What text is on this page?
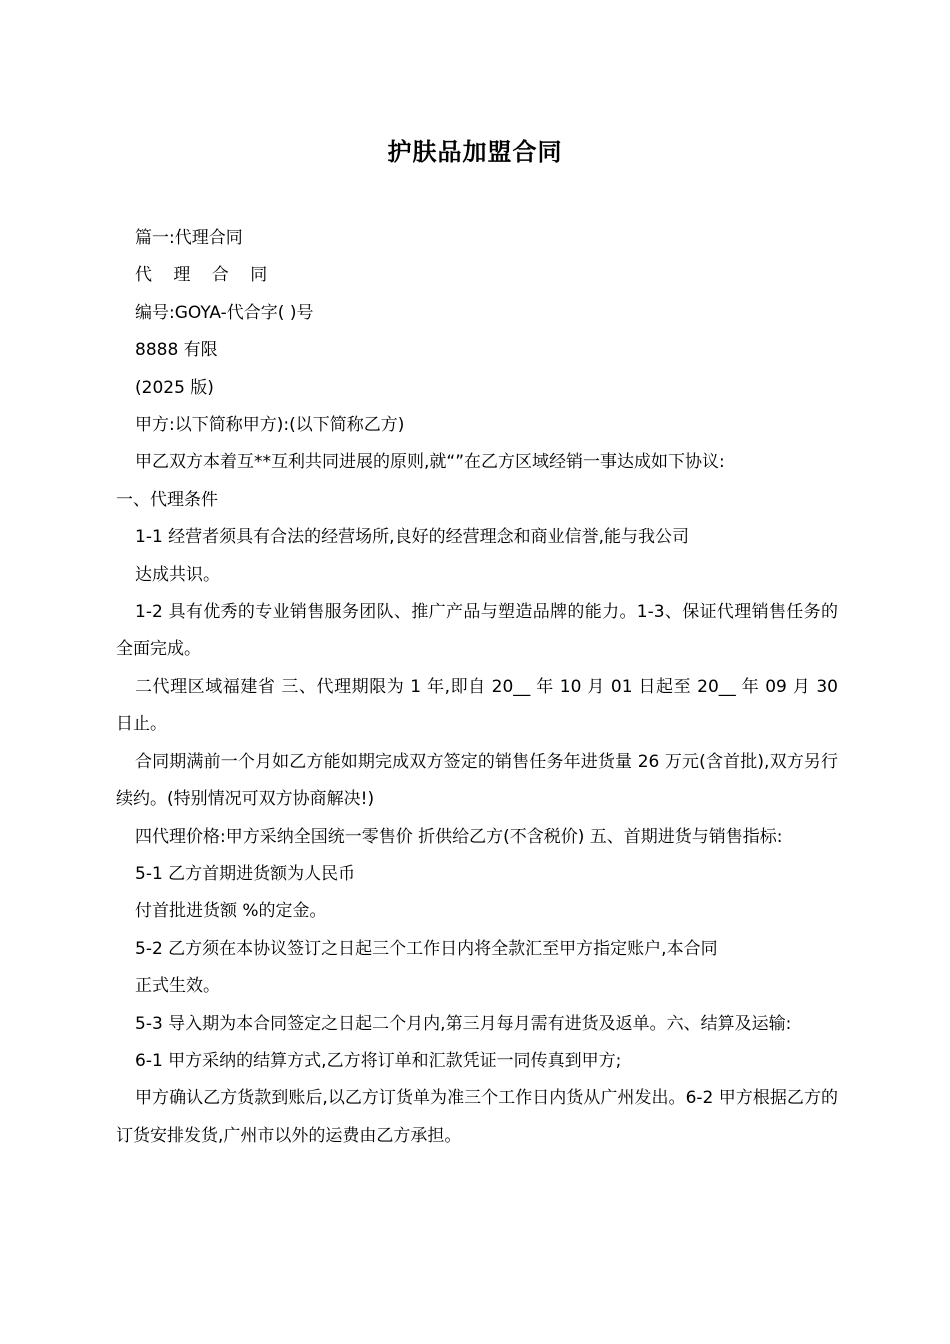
护肤品加盟合同

篇一:代理合同

代 理 合 同

编号:GOYA-代合字( )号

8888 有限

(2025 版)

甲方:以下简称甲方):(以下简称乙方)

甲乙双方本着互**互利共同进展的原则,就“”在乙方区域经销一事达成如下协议:

一、代理条件

1-1 经营者须具有合法的经营场所,良好的经营理念和商业信誉,能与我公司

达成共识。

1-2 具有优秀的专业销售服务团队、推广产品与塑造品牌的能力。1-3、保证代理销售任务的全面完成。

二代理区域福建省 三、代理期限为 1 年,即自 20__ 年 10 月 01 日起至 20__ 年 09 月 30 日止。

合同期满前一个月如乙方能如期完成双方签定的销售任务年进货量 26 万元(含首批),双方另行续约。(特别情况可双方协商解决!)

四代理价格:甲方采纳全国统一零售价 折供给乙方(不含税价) 五、首期进货与销售指标:

5-1 乙方首期进货额为人民币

付首批进货额 %的定金。

5-2 乙方须在本协议签订之日起三个工作日内将全款汇至甲方指定账户,本合同

正式生效。

5-3 导入期为本合同签定之日起二个月内,第三月每月需有进货及返单。六、结算及运输:

6-1 甲方采纳的结算方式,乙方将订单和汇款凭证一同传真到甲方;

甲方确认乙方货款到账后,以乙方订货单为准三个工作日内货从广州发出。6-2 甲方根据乙方的订货安排发货,广州市以外的运费由乙方承担。
